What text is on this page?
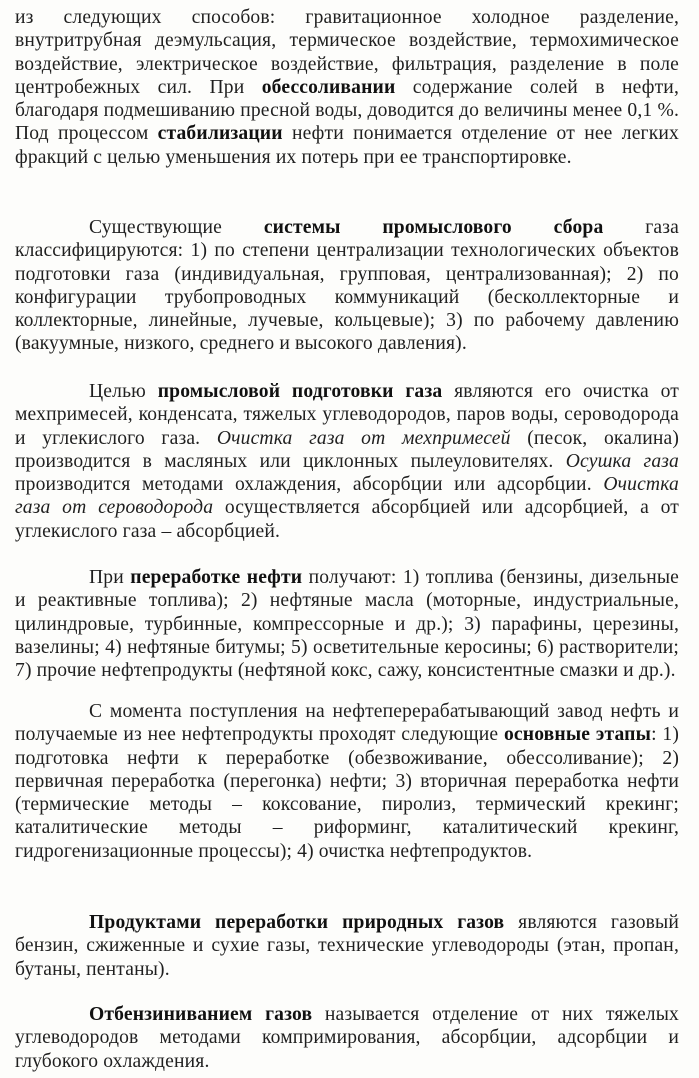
из следующих способов: гравитационное холодное разделение, внутритрубная деэмульсация, термическое воздействие, термохимическое воздействие, электрическое воздействие, фильтрация, разделение в поле центробежных сил. При обессоливании содержание солей в нефти, благодаря подмешиванию пресной воды, доводится до величины менее 0,1 %. Под процессом стабилизации нефти понимается отделение от нее легких фракций с целью уменьшения их потерь при ее транспортировке.

Существующие системы промыслового сбора газа классифицируются: 1) по степени централизации технологических объектов подготовки газа (индивидуальная, групповая, централизованная); 2) по конфигурации трубопроводных коммуникаций (бесколлекторные и коллекторные, линейные, лучевые, кольцевые); 3) по рабочему давлению (вакуумные, низкого, среднего и высокого давления).

Целью промысловой подготовки газа являются его очистка от мехпримесей, конденсата, тяжелых углеводородов, паров воды, сероводорода и углекислого газа. Очистка газа от мехпримесей (песок, окалина) производится в масляных или циклонных пылеуловителях. Осушка газа производится методами охлаждения, абсорбции или адсорбции. Очистка газа от сероводорода осуществляется абсорбцией или адсорбцией, а от углекислого газа – абсорбцией.

При переработке нефти получают: 1) топлива (бензины, дизельные и реактивные топлива); 2) нефтяные масла (моторные, индустриальные, цилиндровые, турбинные, компрессорные и др.); 3) парафины, церезины, вазелины; 4) нефтяные битумы; 5) осветительные керосины; 6) растворители; 7) прочие нефтепродукты (нефтяной кокс, сажу, консистентные смазки и др.).

С момента поступления на нефтеперерабатывающий завод нефть и получаемые из нее нефтепродукты проходят следующие основные этапы: 1) подготовка нефти к переработке (обезвоживание, обессоливание); 2) первичная переработка (перегонка) нефти; 3) вторичная переработка нефти (термические методы – коксование, пиролиз, термический крекинг; каталитические методы – риформинг, каталитический крекинг, гидрогенизационные процессы); 4) очистка нефтепродуктов.

Продуктами переработки природных газов являются газовый бензин, сжиженные и сухие газы, технические углеводороды (этан, пропан, бутаны, пентаны).

Отбензиниванием газов называется отделение от них тяжелых углеводородов методами компримирования, абсорбции, адсорбции и глубокого охлаждения.
